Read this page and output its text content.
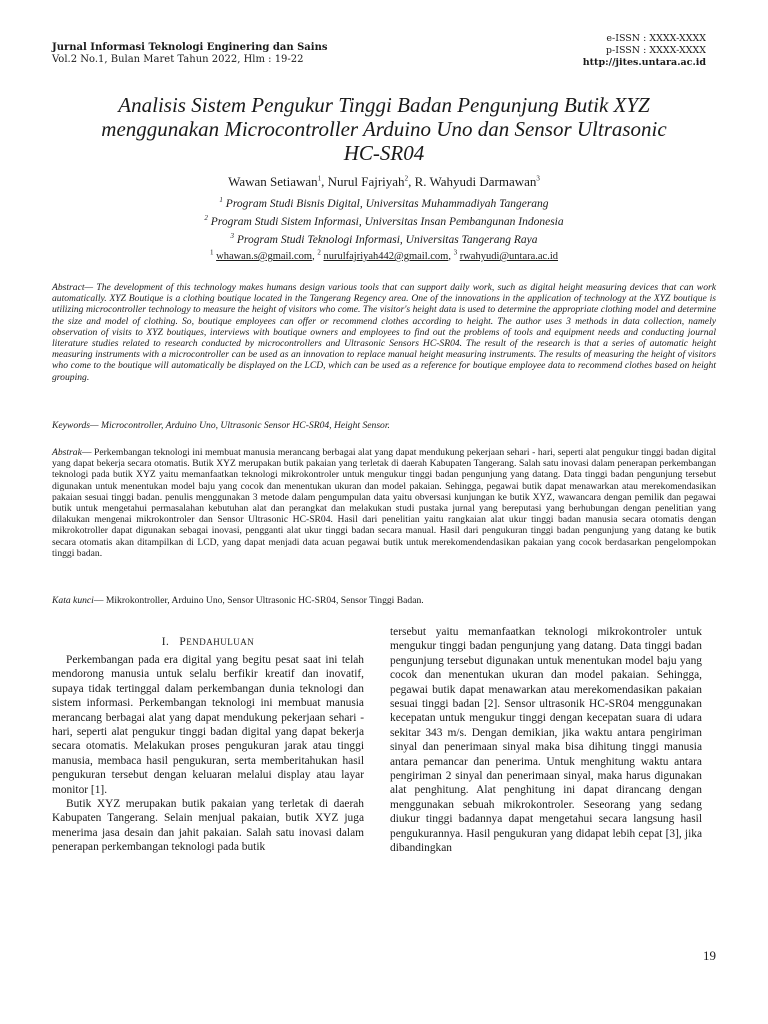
Jurnal Informasi Teknologi Enginering dan Sains
Vol.2 No.1, Bulan Maret Tahun 2022, Hlm : 19-22
e-ISSN : XXXX-XXXX
p-ISSN : XXXX-XXXX
http://jites.untara.ac.id
Analisis Sistem Pengukur Tinggi Badan Pengunjung Butik XYZ
menggunakan Microcontroller Arduino Uno dan Sensor Ultrasonic
HC-SR04
Wawan Setiawan$^1$, Nurul Fajriyah$^2$, R. Wahyudi Darmawan$^3$
$^1$ Program Studi Bisnis Digital, Universitas Muhammadiyah Tangerang
$^2$ Program Studi Sistem Informasi, Universitas Insan Pembangunan Indonesia
$^3$ Program Studi Teknologi Informasi, Universitas Tangerang Raya
$^1$ whawan.s@gmail.com, $^2$ nurulfajriyah442@gmail.com, $^3$ rwahyudi@untara.ac.id
Abstract— The development of this technology makes humans design various tools that can support daily work, such as digital height measuring devices that can work automatically. XYZ Boutique is a clothing boutique located in the Tangerang Regency area. One of the innovations in the application of technology at the XYZ boutique is utilizing microcontroller technology to measure the height of visitors who come. The visitor's height data is used to determine the appropriate clothing model and determine the size and model of clothing. So, boutique employees can offer or recommend clothes according to height. The author uses 3 methods in data collection, namely observation of visits to XYZ boutiques, interviews with boutique owners and employees to find out the problems of tools and equipment needs and conducting journal literature studies related to research conducted by microcontrollers and Ultrasonic Sensors HC-SR04. The result of the research is that a series of automatic height measuring instruments with a microcontroller can be used as an innovation to replace manual height measuring instruments. The results of measuring the height of visitors who come to the boutique will automatically be displayed on the LCD, which can be used as a reference for boutique employee data to recommend clothes based on height grouping.
Keywords— Microcontroller, Arduino Uno, Ultrasonic Sensor HC-SR04, Height Sensor.
Abstrak— Perkembangan teknologi ini membuat manusia merancang berbagai alat yang dapat mendukung pekerjaan sehari - hari, seperti alat pengukur tinggi badan digital yang dapat bekerja secara otomatis. Butik XYZ merupakan butik pakaian yang terletak di daerah Kabupaten Tangerang. Salah satu inovasi dalam penerapan perkembangan teknologi pada butik XYZ yaitu memanfaatkan teknologi mikrokontroler untuk mengukur tinggi badan pengunjung yang datang. Data tinggi badan pengunjung tersebut digunakan untuk menentukan model baju yang cocok dan menentukan ukuran dan model pakaian. Sehingga, pegawai butik dapat menawarkan atau merekomendasikan pakaian sesuai tinggi badan. penulis menggunakan 3 metode dalam pengumpulan data yaitu obversasi kunjungan ke butik XYZ, wawancara dengan pemilik dan pegawai butik untuk mengetahui permasalahan kebutuhan alat dan perangkat dan melakukan studi pustaka jurnal yang bereputasi yang berhubungan dengan penelitian yang dilakukan mengenai mikrokontroler dan Sensor Ultrasonic HC-SR04. Hasil dari penelitian yaitu rangkaian alat ukur tinggi badan manusia secara otomatis dengan mikrokotroller dapat digunakan sebagai inovasi, pengganti alat ukur tinggi badan secara manual. Hasil dari pengukuran tinggi badan pengunjung yang datang ke butik secara otomatis akan ditampilkan di LCD, yang dapat menjadi data acuan pegawai butik untuk merekomendendasikan pakaian yang cocok berdasarkan pengelompokan tinggi badan.
Kata kunci— Mikrokontroller, Arduino Uno, Sensor Ultrasonic HC-SR04, Sensor Tinggi Badan.
I. PENDAHULUAN

Perkembangan pada era digital yang begitu pesat saat ini telah mendorong manusia untuk selalu berfikir kreatif dan inovatif, supaya tidak tertinggal dalam perkembangan dunia teknologi dan sistem informasi. Perkembangan teknologi ini membuat manusia merancang berbagai alat yang dapat mendukung pekerjaan sehari - hari, seperti alat pengukur tinggi badan digital yang dapat bekerja secara otomatis. Melakukan proses pengukuran jarak atau tinggi manusia, membaca hasil pengukuran, serta memberitahukan hasil pengukuran tersebut dengan keluaran melalui display atau layar monitor [1].

Butik XYZ merupakan butik pakaian yang terletak di daerah Kabupaten Tangerang. Selain menjual pakaian, butik XYZ juga menerima jasa desain dan jahit pakaian. Salah satu inovasi dalam penerapan perkembangan teknologi pada butik

tersebut yaitu memanfaatkan teknologi mikrokontroler untuk mengukur tinggi badan pengunjung yang datang. Data tinggi badan pengunjung tersebut digunakan untuk menentukan model baju yang cocok dan menentukan ukuran dan model pakaian. Sehingga, pegawai butik dapat menawarkan atau merekomendasikan pakaian sesuai tinggi badan [2]. Sensor ultrasonik HC-SR04 menggunakan kecepatan untuk mengukur tinggi dengan kecepatan suara di udara sekitar 343 m/s. Dengan demikian, jika waktu antara pengiriman sinyal dan penerimaan sinyal maka bisa dihitung tinggi manusia antara pemancar dan penerima. Untuk menghitung waktu antara pengiriman 2 sinyal dan penerimaan sinyal, maka harus digunakan alat penghitung. Alat penghitung ini dapat dirancang dengan menggunakan sebuah mikrokontroler. Seseorang yang sedang diukur tinggi badannya dapat mengetahui secara langsung hasil pengukurannya. Hasil pengukuran yang didapat lebih cepat [3], jika dibandingkan

19
